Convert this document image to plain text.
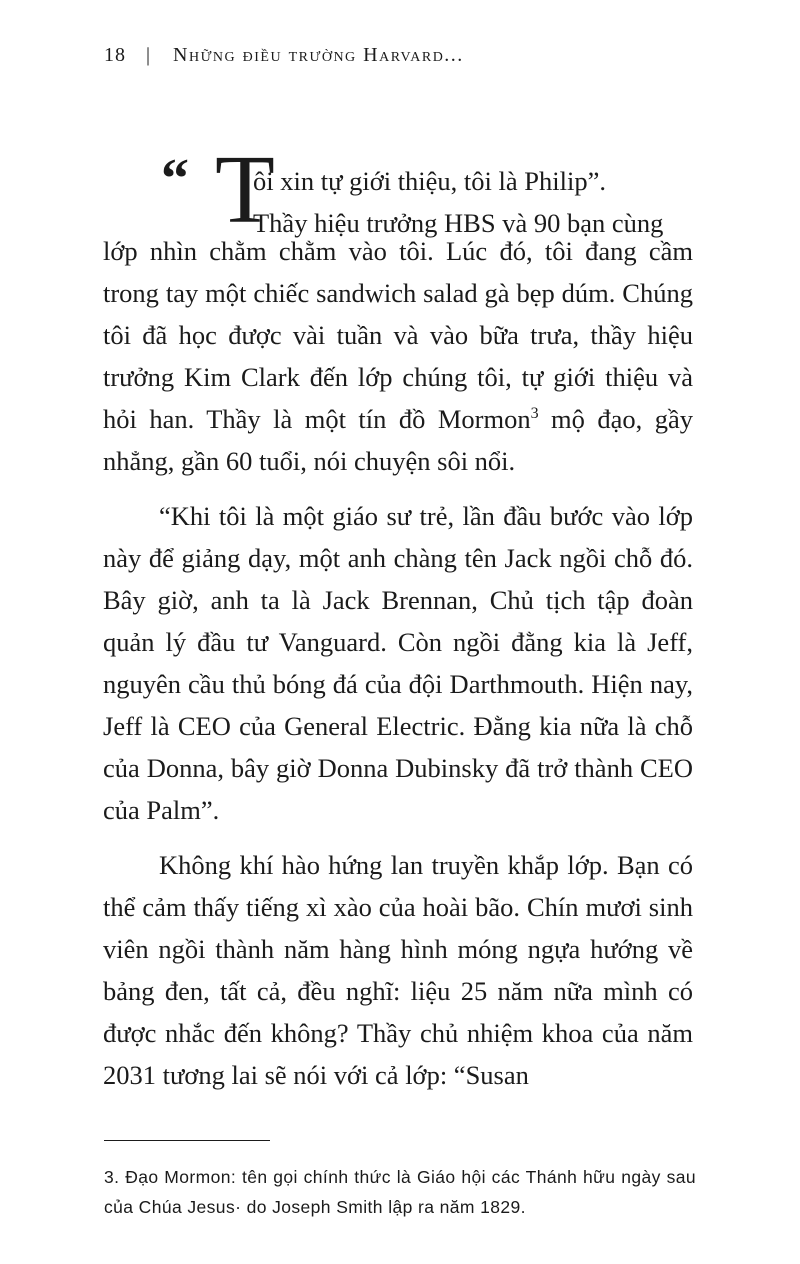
18 | Những điều trường Harvard...
“ T
ôi xin tự giới thiệu, tôi là Philip”.
Thầy hiệu trưởng HBS và 90 bạn cùng

lớp nhìn chằm chằm vào tôi. Lúc đó, tôi đang cầm trong tay một chiếc sandwich salad gà bẹp dúm. Chúng tôi đã học được vài tuần và vào bữa trưa, thầy hiệu trưởng Kim Clark đến lớp chúng tôi, tự giới thiệu và hỏi han. Thầy là một tín đồ Mormon$^3$ mộ đạo, gầy nhẳng, gần 60 tuổi, nói chuyện sôi nổi.

“Khi tôi là một giáo sư trẻ, lần đầu bước vào lớp này để giảng dạy, một anh chàng tên Jack ngồi chỗ đó. Bây giờ, anh ta là Jack Brennan, Chủ tịch tập đoàn quản lý đầu tư Vanguard. Còn ngồi đằng kia là Jeff, nguyên cầu thủ bóng đá của đội Darthmouth. Hiện nay, Jeff là CEO của General Electric. Đằng kia nữa là chỗ của Donna, bây giờ Donna Dubinsky đã trở thành CEO của Palm”.

Không khí hào hứng lan truyền khắp lớp. Bạn có thể cảm thấy tiếng xì xào của hoài bão. Chín mươi sinh viên ngồi thành năm hàng hình móng ngựa hướng về bảng đen, tất cả, đều nghĩ: liệu 25 năm nữa mình có được nhắc đến không? Thầy chủ nhiệm khoa của năm 2031 tương lai sẽ nói với cả lớp: “Susan

3. Đạo Mormon: tên gọi chính thức là Giáo hội các Thánh hữu ngày sau của Chúa Jesus· do Joseph Smith lập ra năm 1829.
